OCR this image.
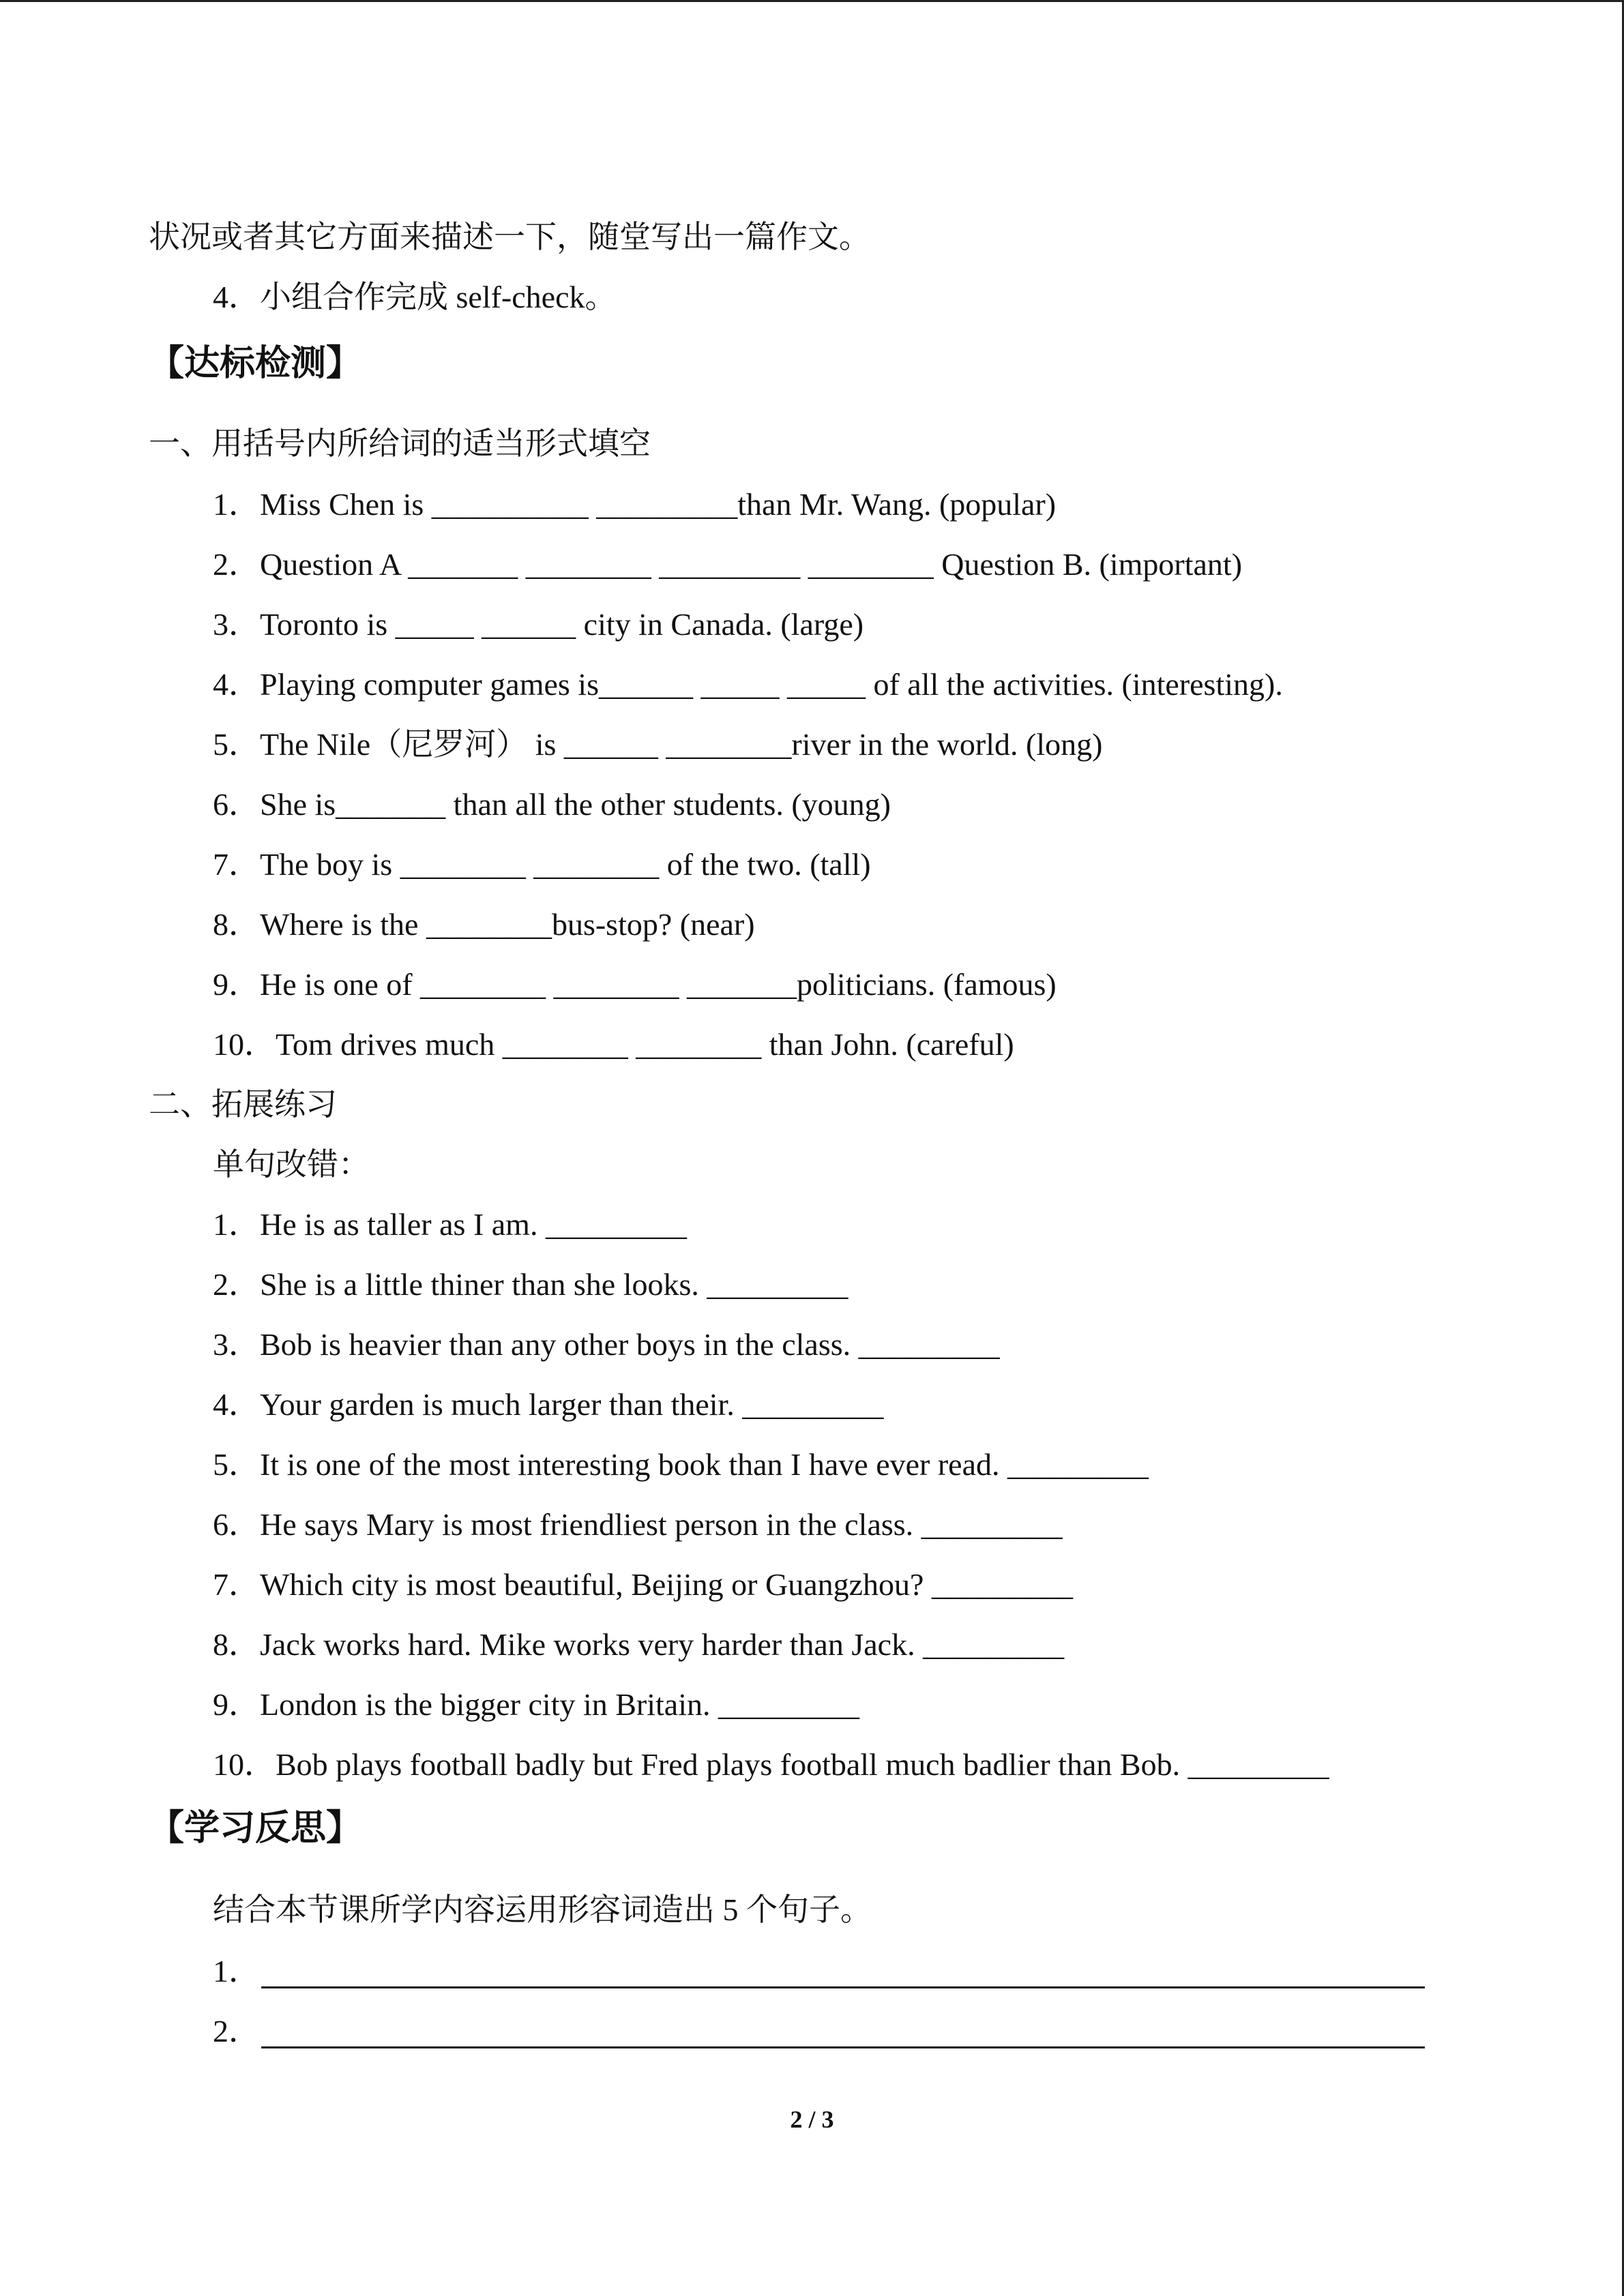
状况或者其它方面来描述一下，随堂写出一篇作文。
4．小组合作完成 self-check。
【达标检测】
一、用括号内所给词的适当形式填空
1．Miss Chen is __________ _________than Mr. Wang. (popular)
2．Question A _______ ________ _________ ________ Question B. (important)
3．Toronto is _____ ______ city in Canada. (large)
4．Playing computer games is______ _____ _____ of all the activities. (interesting).
5．The Nile（尼罗河） is ______ ________river in the world. (long)
6．She is_______ than all the other students. (young)
7．The boy is ________ ________ of the two. (tall)
8．Where is the ________bus-stop? (near)
9．He is one of ________ ________ _______politicians. (famous)
10．Tom drives much ________ ________ than John. (careful)
二、拓展练习
单句改错：
1．He is as taller as I am. _________
2．She is a little thiner than she looks. _________
3．Bob is heavier than any other boys in the class. _________
4．Your garden is much larger than their. _________
5．It is one of the most interesting book than I have ever read. _________
6．He says Mary is most friendliest person in the class. _________
7．Which city is most beautiful, Beijing or Guangzhou? _________
8．Jack works hard. Mike works very harder than Jack. _________
9．London is the bigger city in Britain. _________
10．Bob plays football badly but Fred plays football much badlier than Bob. _________
【学习反思】
结合本节课所学内容运用形容词造出 5 个句子。
1．
2．
2 / 3
